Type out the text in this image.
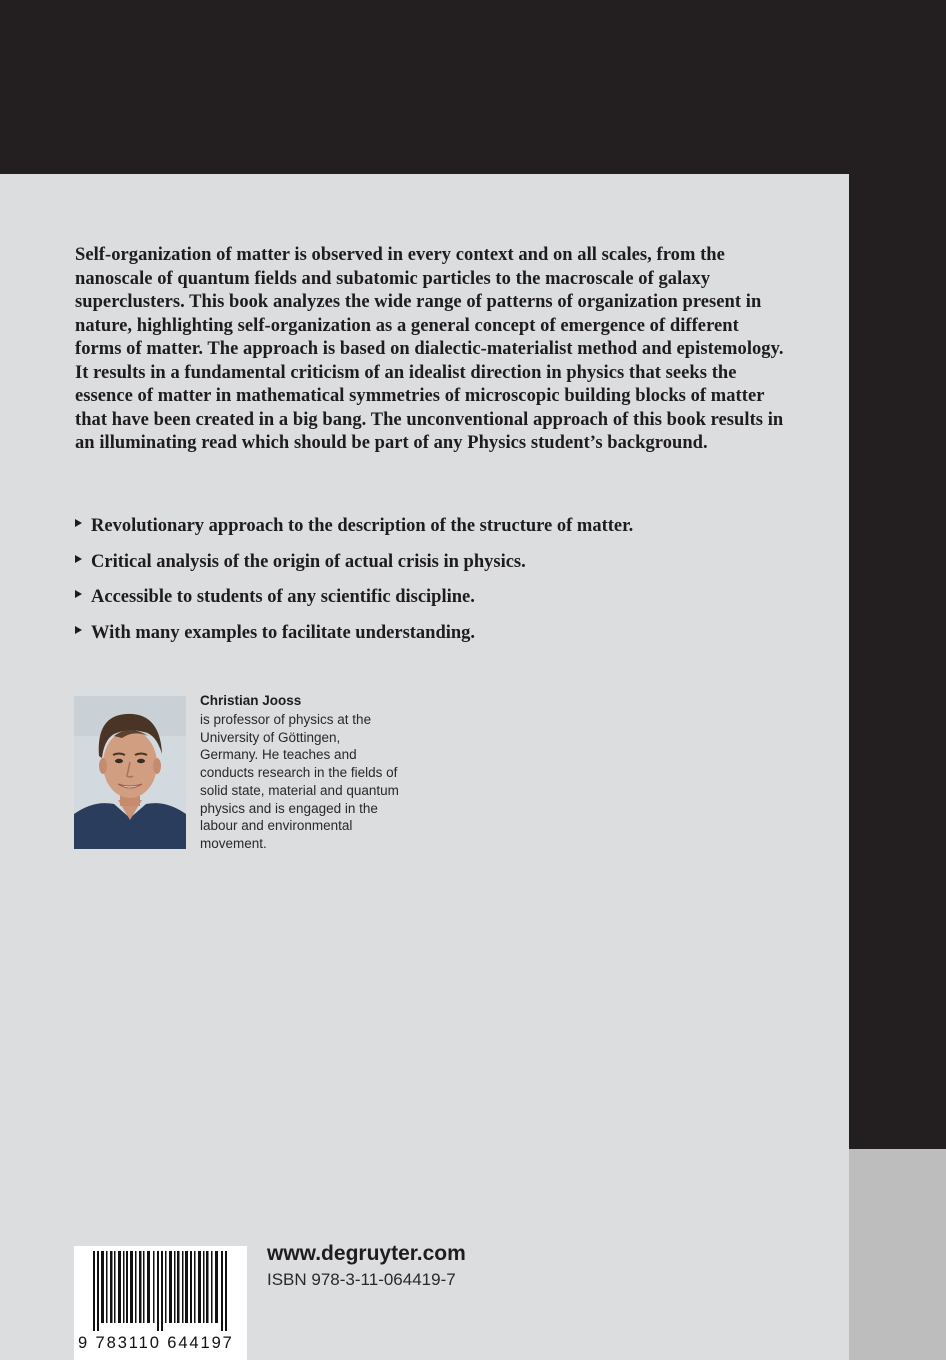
Self-organization of matter is observed in every context and on all scales, from the nanoscale of quantum fields and subatomic particles to the macroscale of galaxy superclusters. This book analyzes the wide range of patterns of organization present in nature, highlighting self-organization as a general concept of emergence of different forms of matter. The approach is based on dialectic-materialist method and epistemology. It results in a fundamental criticism of an idealist direction in physics that seeks the essence of matter in mathematical symmetries of microscopic building blocks of matter that have been created in a big bang. The unconventional approach of this book results in an illuminating read which should be part of any Physics student’s background.

Revolutionary approach to the description of the structure of matter.
Critical analysis of the origin of actual crisis in physics.
Accessible to students of any scientific discipline.
With many examples to facilitate understanding.
Christian Jooss

is professor of physics at the University of Göttingen, Germany. He teaches and conducts research in the fields of solid state, material and quantum physics and is engaged in the labour and environmental movement.

9 783110 644197
www.degruyter.com
ISBN 978-3-11-064419-7
